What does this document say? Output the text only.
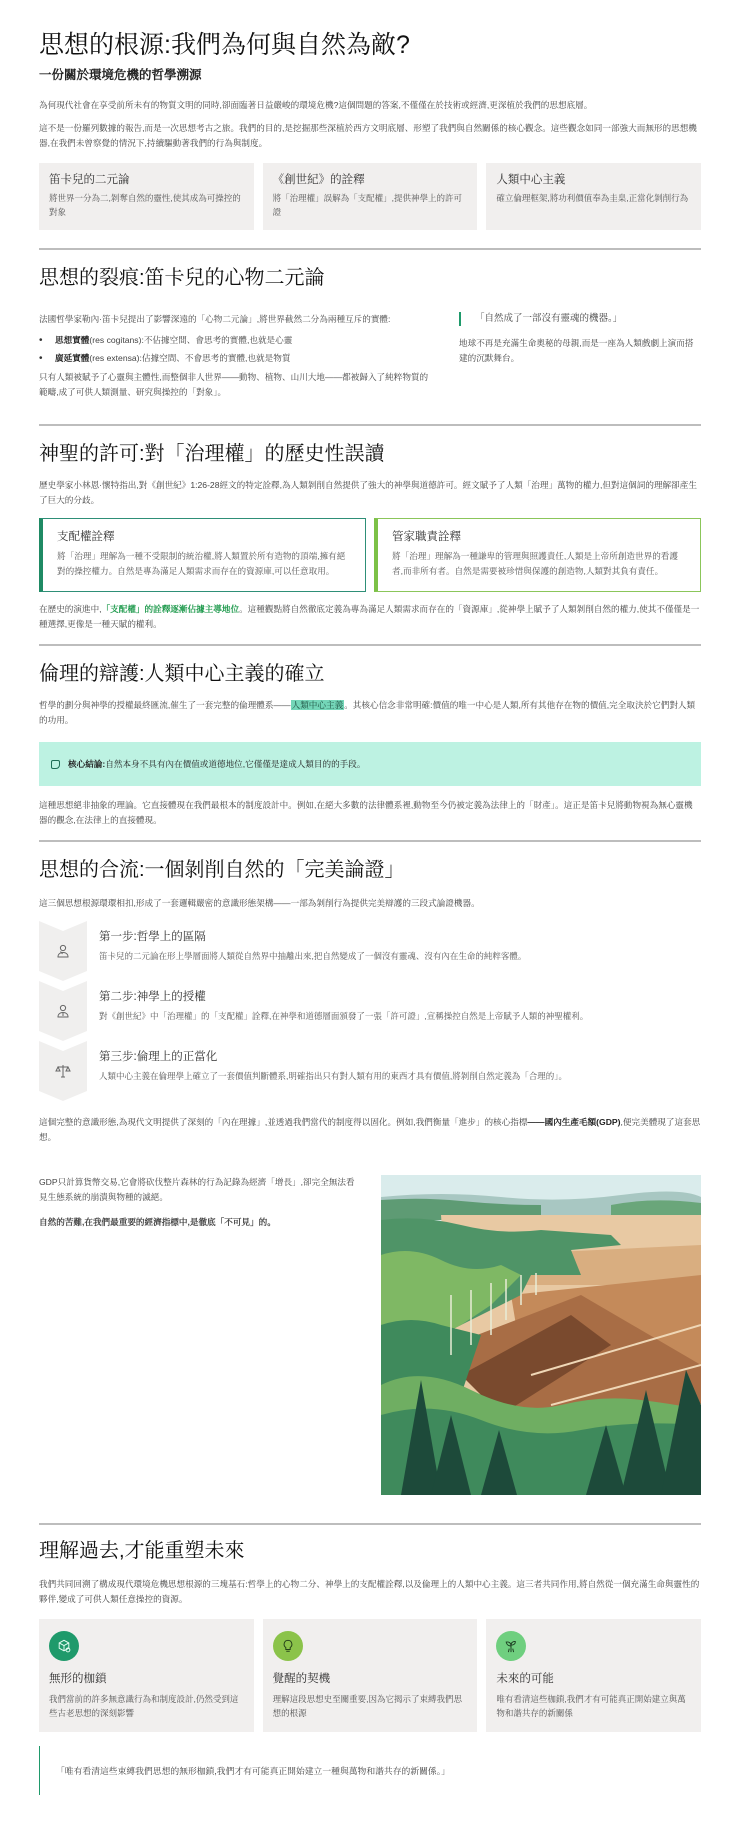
思想的根源:我們為何與自然為敵?
一份關於環境危機的哲學溯源

為何現代社會在享受前所未有的物質文明的同時,卻面臨著日益嚴峻的環境危機?這個問題的答案,不僅僅在於技術或經濟,更深植於我們的思想底層。

這不是一份羅列數據的報告,而是一次思想考古之旅。我們的目的,是挖掘那些深植於西方文明底層、形塑了我們與自然關係的核心觀念。這些觀念如同一部強大而無形的思想機器,在我們未曾察覺的情況下,持續驅動著我們的行為與制度。

笛卡兒的二元論
將世界一分為二,剝奪自然的靈性,使其成為可操控的對象
《創世紀》的詮釋
將「治理權」誤解為「支配權」,提供神學上的許可證
人類中心主義
確立倫理框架,將功利價值奉為圭臬,正當化剝削行為
思想的裂痕:笛卡兒的心物二元論

法國哲學家勒內·笛卡兒提出了影響深遠的「心物二元論」,將世界截然二分為兩種互斥的實體:

• 思想實體(res cogitans):不佔據空間、會思考的實體,也就是心靈
• 廣延實體(res extensa):佔據空間、不會思考的實體,也就是物質

只有人類被賦予了心靈與主體性,而整個非人世界——動物、植物、山川大地——都被歸入了純粹物質的範疇,成了可供人類測量、研究與操控的「對象」。

「自然成了一部沒有靈魂的機器。」

地球不再是充滿生命奧秘的母親,而是一座為人類戲劇上演而搭建的沉默舞台。

神聖的許可:對「治理權」的歷史性誤讀

歷史學家小林恩·懷特指出,對《創世紀》1:26-28經文的特定詮釋,為人類剝削自然提供了強大的神學與道德許可。經文賦予了人類「治理」萬物的權力,但對這個詞的理解卻產生了巨大的分歧。

支配權詮釋
將「治理」理解為一種不受限制的統治權,將人類置於所有造物的頂端,擁有絕對的操控權力。自然是專為滿足人類需求而存在的資源庫,可以任意取用。
管家職責詮釋
將「治理」理解為一種謙卑的管理與照護責任,人類是上帝所創造世界的看護者,而非所有者。自然是需要被珍惜與保護的創造物,人類對其負有責任。

在歷史的演進中,「支配權」的詮釋逐漸佔據主導地位。這種觀點將自然徹底定義為專為滿足人類需求而存在的「資源庫」,從神學上賦予了人類剝削自然的權力,使其不僅僅是一種選擇,更像是一種天賦的權利。

倫理的辯護:人類中心主義的確立

哲學的劃分與神學的授權最終匯流,催生了一套完整的倫理體系——人類中心主義。其核心信念非常明確:價值的唯一中心是人類,所有其他存在物的價值,完全取決於它們對人類的功用。

核心結論:自然本身不具有內在價值或道德地位,它僅僅是達成人類目的的手段。

這種思想絕非抽象的理論。它直接體現在我們最根本的制度設計中。例如,在絕大多數的法律體系裡,動物至今仍被定義為法律上的「財產」。這正是笛卡兒將動物視為無心靈機器的觀念,在法律上的直接體現。

思想的合流:一個剝削自然的「完美論證」

這三個思想根源環環相扣,形成了一套邏輯嚴密的意識形態架構——一部為剝削行為提供完美辯護的三段式論證機器。

第一步:哲學上的區隔
笛卡兒的二元論在形上學層面將人類從自然界中抽離出來,把自然變成了一個沒有靈魂、沒有內在生命的純粹客體。
第二步:神學上的授權
對《創世紀》中「治理權」的「支配權」詮釋,在神學和道德層面頒發了一張「許可證」,宣稱操控自然是上帝賦予人類的神聖權利。
第三步:倫理上的正當化
人類中心主義在倫理學上確立了一套價值判斷體系,明確指出只有對人類有用的東西才具有價值,將剝削自然定義為「合理的」。

這個完整的意識形態,為現代文明提供了深刻的「內在理據」,並透過我們當代的制度得以固化。例如,我們衡量「進步」的核心指標——國內生產毛額(GDP),便完美體現了這套思想。

GDP只計算貨幣交易,它會將砍伐整片森林的行為記錄為經濟「增長」,卻完全無法看見生態系統的崩潰與物種的滅絕。

自然的苦難,在我們最重要的經濟指標中,是徹底「不可見」的。

理解過去,才能重塑未來

我們共同回溯了構成現代環境危機思想根源的三塊基石:哲學上的心物二分、神學上的支配權詮釋,以及倫理上的人類中心主義。這三者共同作用,將自然從一個充滿生命與靈性的夥伴,變成了可供人類任意操控的資源。

無形的枷鎖
我們當前的許多無意識行為和制度設計,仍然受到這些古老思想的深刻影響
覺醒的契機
理解這段思想史至關重要,因為它揭示了束縛我們思想的根源
未來的可能
唯有看清這些枷鎖,我們才有可能真正開始建立與萬物和諧共存的新關係
「唯有看清這些束縛我們思想的無形枷鎖,我們才有可能真正開始建立一種與萬物和諧共存的新關係。」
